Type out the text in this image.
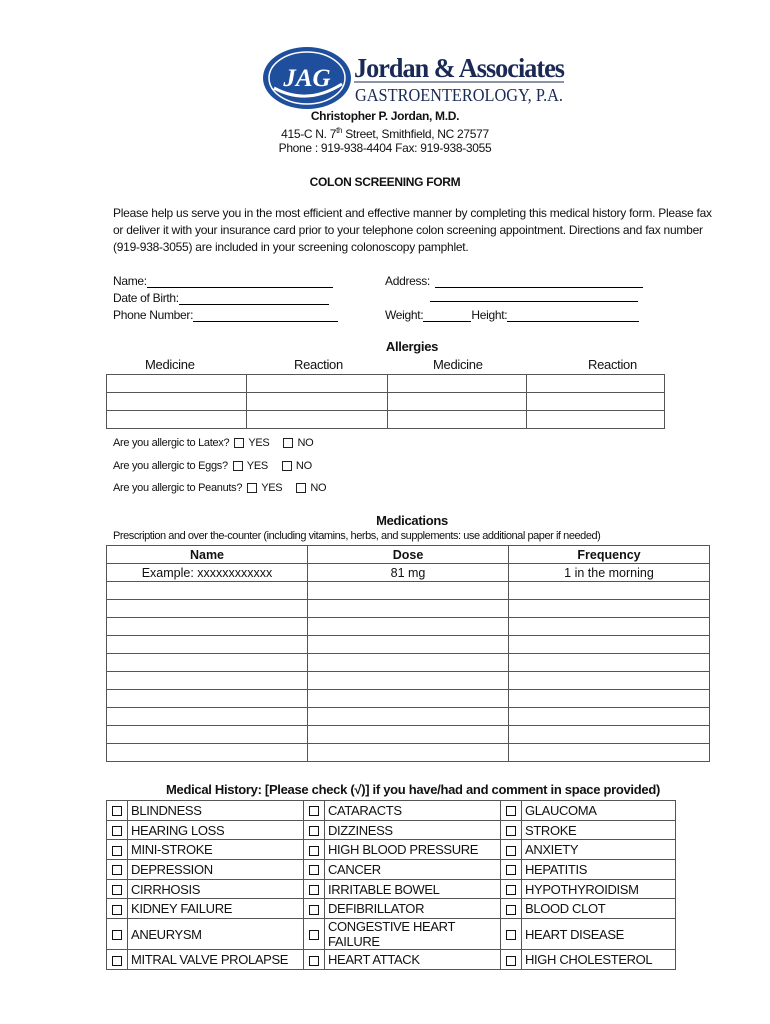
JAG Jordan & Associates
GASTROENTEROLOGY, P.A.
Christopher P. Jordan, M.D.
415-C N. 7th Street, Smithfield, NC 27577
Phone : 919-938-4404 Fax: 919-938-3055
COLON SCREENING FORM
Please help us serve you in the most efficient and effective manner by completing this medical history form. Please fax or deliver it with your insurance card prior to your telephone colon screening appointment. Directions and fax number (919-938-3055) are included in your screening colonoscopy pamphlet.
Name:
Date of Birth:
Phone Number:
Address:
Weight:	Height:
Allergies
Medicine	Reaction	Medicine	Reaction

Are you allergic to Latex? YES	NO
Are you allergic to Eggs? YES	NO
Are you allergic to Peanuts? YES	NO
Medications
Prescription and over the-counter (including vitamins, herbs, and supplements: use additional paper if needed)
Name	Dose	Frequency
Example: xxxxxxxxxxxx	81 mg	1 in the morning

Medical History: [Please check (√)] if you have/had and comment in space provided)
	BLINDNESS		CATARACTS		GLAUCOMA
	HEARING LOSS		DIZZINESS		STROKE
	MINI-STROKE		HIGH BLOOD PRESSURE		ANXIETY
	DEPRESSION		CANCER		HEPATITIS
	CIRRHOSIS		IRRITABLE BOWEL		HYPOTHYROIDISM
	KIDNEY FAILURE		DEFIBRILLATOR		BLOOD CLOT
	ANEURYSM		CONGESTIVE HEART FAILURE		HEART DISEASE
	MITRAL VALVE PROLAPSE		HEART ATTACK		HIGH CHOLESTEROL
